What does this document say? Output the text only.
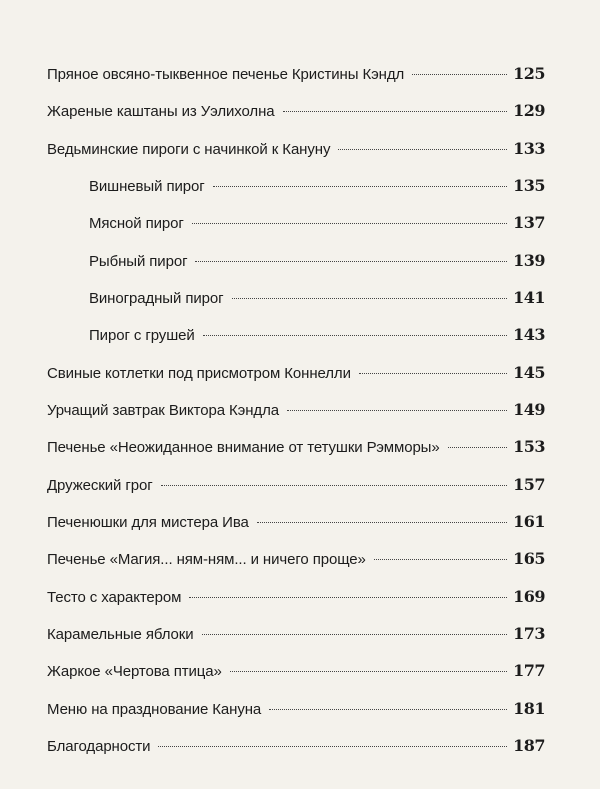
Пряное овсяно-тыквенное печенье Кристины Кэндл	125
Жареные каштаны из Уэлихолна	129
Ведьминские пироги с начинкой к Кануну	133
Вишневый пирог	135
Мясной пирог	137
Рыбный пирог	139
Виноградный пирог	141
Пирог с грушей	143
Свиные котлетки под присмотром Коннелли	145
Урчащий завтрак Виктора Кэндла	149
Печенье «Неожиданное внимание от тетушки Рэмморы»	153
Дружеский грог	157
Печенюшки для мистера Ива	161
Печенье «Магия... ням-ням... и ничего проще»	165
Тесто с характером	169
Карамельные яблоки	173
Жаркое «Чертова птица»	177
Меню на празднование Кануна	181
Благодарности	187
